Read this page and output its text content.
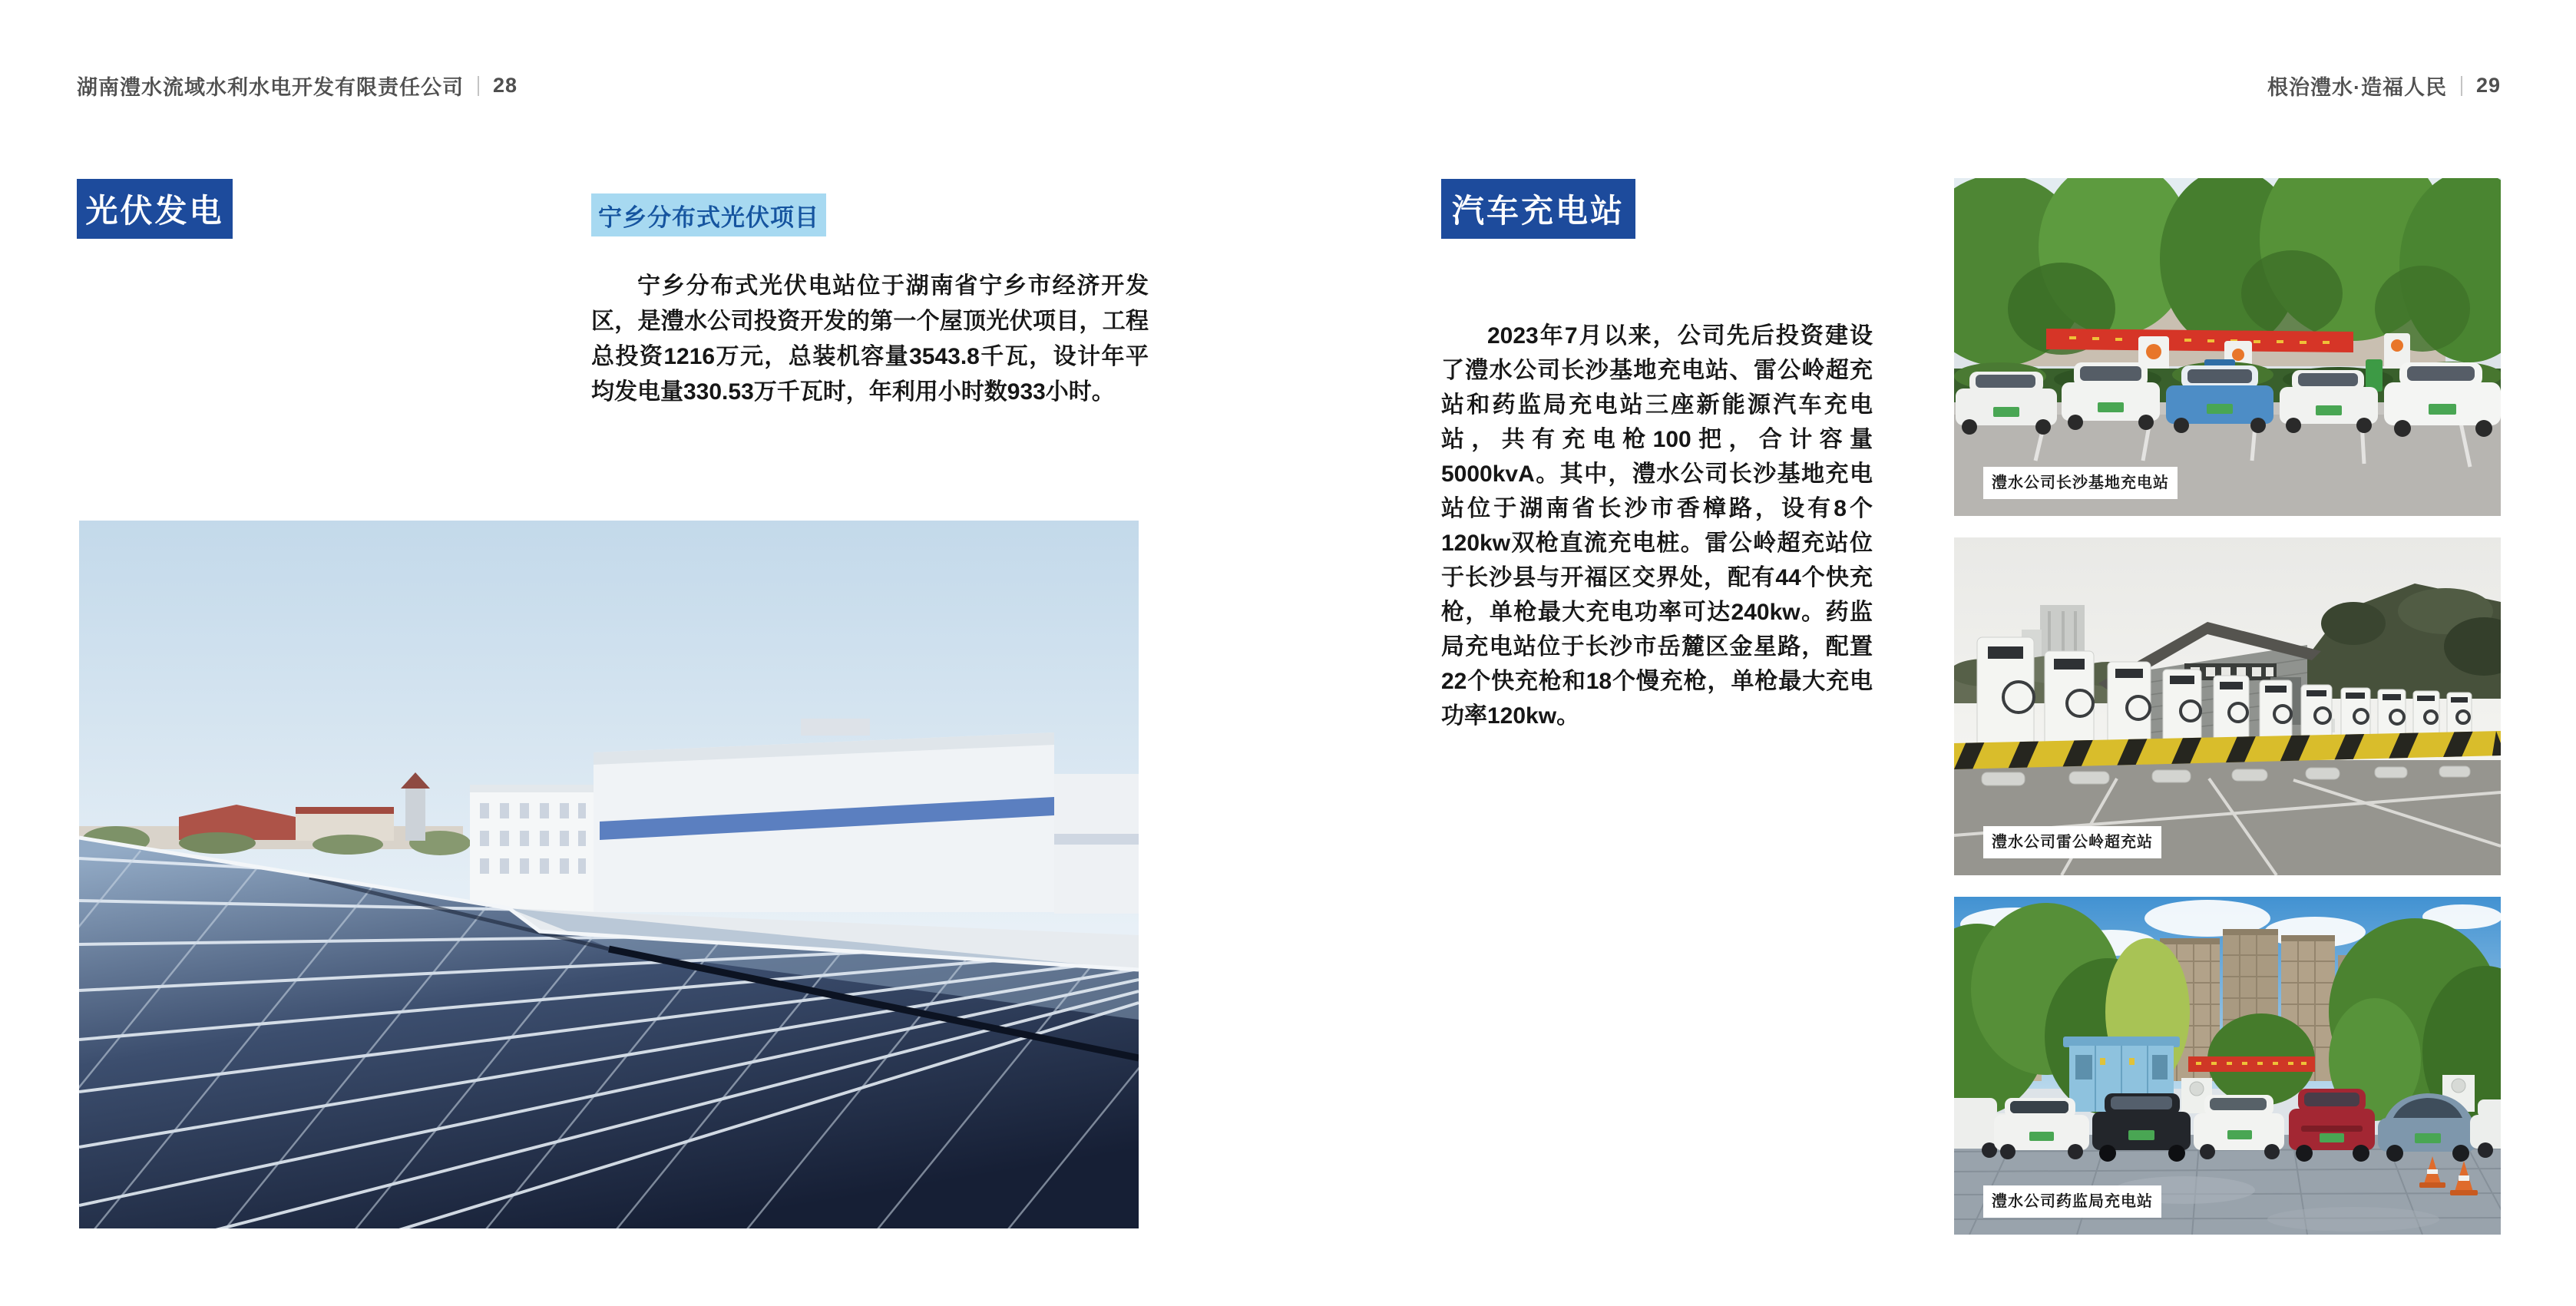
湖南澧水流域水利水电开发有限责任公司 28	根治澧水·造福人民 29
光伏发电	宁乡分布式光伏项目
宁乡分布式光伏电站位于湖南省宁乡市经济开发区，是澧水公司投资开发的第一个屋顶光伏项目，工程总投资1216万元，总装机容量3543.8千瓦，设计年平均发电量330.53万千瓦时，年利用小时数933小时。
汽车充电站
2023年7月以来，公司先后投资建设了澧水公司长沙基地充电站、雷公岭超充站和药监局充电站三座新能源汽车充电站，共有充电枪100把，合计容量5000kvA。其中，澧水公司长沙基地充电站位于湖南省长沙市香樟路，设有8个120kw双枪直流充电桩。雷公岭超充站位于长沙县与开福区交界处，配有44个快充枪，单枪最大充电功率可达240kw。药监局充电站位于长沙市岳麓区金星路，配置22个快充枪和18个慢充枪，单枪最大充电功率120kw。
澧水公司长沙基地充电站
澧水公司雷公岭超充站
澧水公司药监局充电站
